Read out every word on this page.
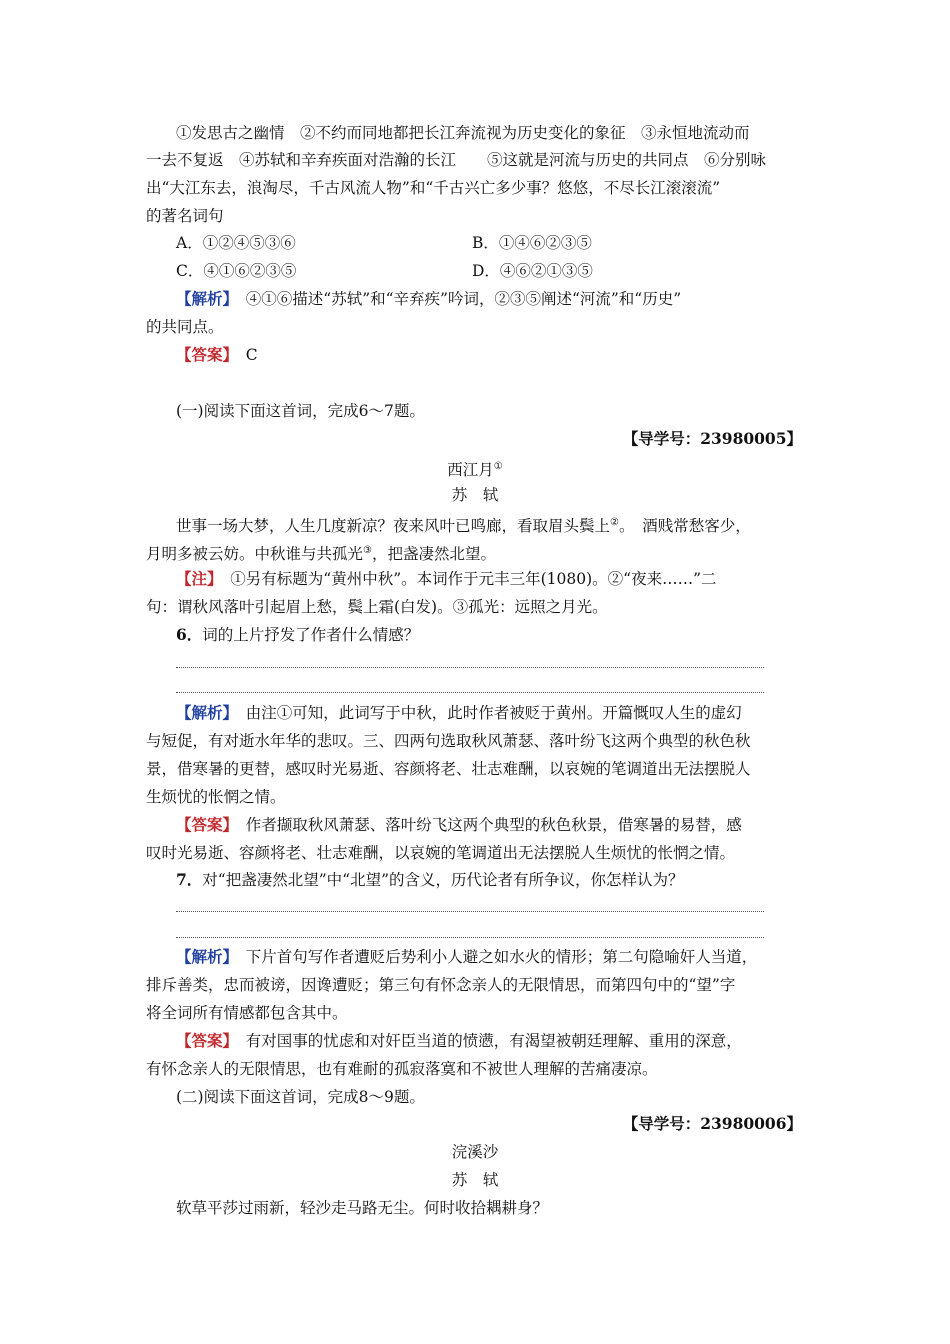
①发思古之幽情　②不约而同地都把长江奔流视为历史变化的象征　③永恒地流动而
一去不复返　④苏轼和辛弃疾面对浩瀚的长江　　⑤这就是河流与历史的共同点　⑥分别咏
出“大江东去，浪淘尽，千古风流人物”和“千古兴亡多少事？悠悠，不尽长江滚滚流”
的著名词句
A．①②④⑤③⑥	B．①④⑥②③⑤
C．④①⑥②③⑤	D．④⑥②①③⑤
【解析】　④①⑥描述“苏轼”和“辛弃疾”吟词，②③⑤阐述“河流”和“历史”
的共同点。
【答案】　C
(一)阅读下面这首词，完成6～7题。
【导学号：23980005】
西江月①
苏　轼
世事一场大梦，人生几度新凉？夜来风叶已鸣廊，看取眉头鬓上②。　酒贱常愁客少，
月明多被云妨。中秋谁与共孤光③，把盏凄然北望。
【注】　①另有标题为“黄州中秋”。本词作于元丰三年(1080)。②“夜来……”二
句：谓秋风落叶引起眉上愁，鬓上霜(白发)。③孤光：远照之月光。
6．词的上片抒发了作者什么情感？
【解析】　由注①可知，此词写于中秋，此时作者被贬于黄州。开篇慨叹人生的虚幻
与短促，有对逝水年华的悲叹。三、四两句选取秋风萧瑟、落叶纷飞这两个典型的秋色秋
景，借寒暑的更替，感叹时光易逝、容颜将老、壮志难酬，以哀婉的笔调道出无法摆脱人
生烦忧的怅惘之情。
【答案】　作者撷取秋风萧瑟、落叶纷飞这两个典型的秋色秋景，借寒暑的易替，感
叹时光易逝、容颜将老、壮志难酬，以哀婉的笔调道出无法摆脱人生烦忧的怅惘之情。
7．对“把盏凄然北望”中“北望”的含义，历代论者有所争议，你怎样认为？
【解析】　下片首句写作者遭贬后势利小人避之如水火的情形；第二句隐喻奸人当道，
排斥善类，忠而被谤，因谗遭贬；第三句有怀念亲人的无限情思，而第四句中的“望”字
将全词所有情感都包含其中。
【答案】　有对国事的忧虑和对奸臣当道的愤懑，有渴望被朝廷理解、重用的深意，
有怀念亲人的无限情思，也有难耐的孤寂落寞和不被世人理解的苦痛凄凉。
(二)阅读下面这首词，完成8～9题。
【导学号：23980006】
浣溪沙
苏　轼
软草平莎过雨新，轻沙走马路无尘。何时收拾耦耕身？
